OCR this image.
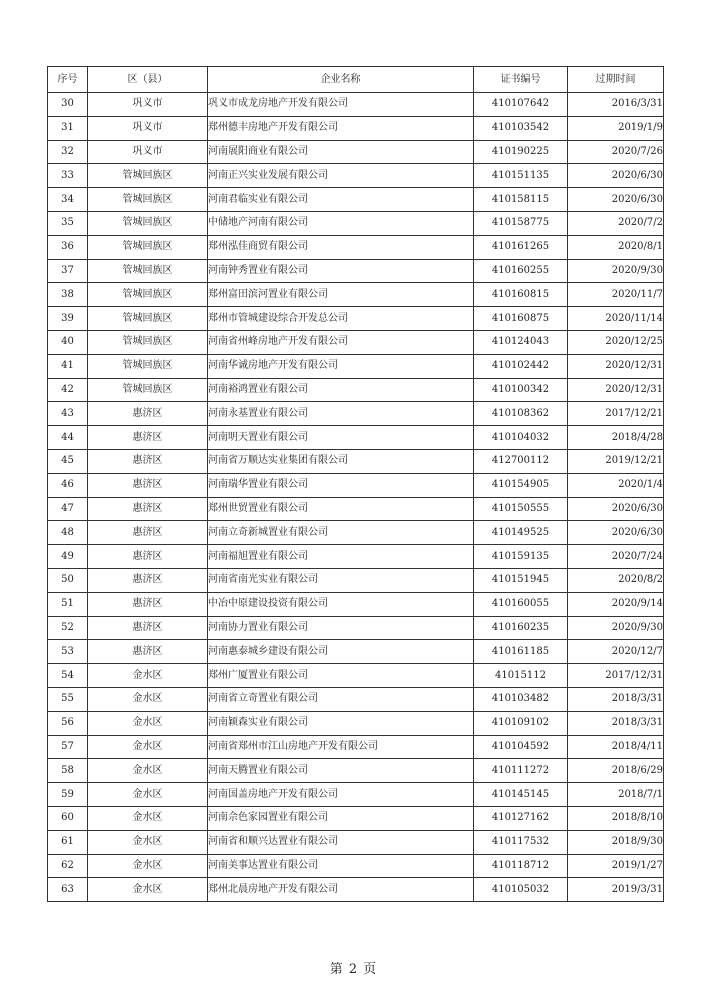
序号	区（县）	企业名称	证书编号	过期时间
30	巩义市	巩义市成龙房地产开发有限公司	410107642	2016/3/31
31	巩义市	郑州德丰房地产开发有限公司	410103542	2019/1/9
32	巩义市	河南展阳商业有限公司	410190225	2020/7/26
33	管城回族区	河南正兴实业发展有限公司	410151135	2020/6/30
34	管城回族区	河南君临实业有限公司	410158115	2020/6/30
35	管城回族区	中储地产河南有限公司	410158775	2020/7/2
36	管城回族区	郑州泓佳商贸有限公司	410161265	2020/8/1
37	管城回族区	河南钟秀置业有限公司	410160255	2020/9/30
38	管城回族区	郑州富田滨河置业有限公司	410160815	2020/11/7
39	管城回族区	郑州市管城建设综合开发总公司	410160875	2020/11/14
40	管城回族区	河南省州峰房地产开发有限公司	410124043	2020/12/25
41	管城回族区	河南华诚房地产开发有限公司	410102442	2020/12/31
42	管城回族区	河南裕鸿置业有限公司	410100342	2020/12/31
43	惠济区	河南永基置业有限公司	410108362	2017/12/21
44	惠济区	河南明天置业有限公司	410104032	2018/4/28
45	惠济区	河南省万顺达实业集团有限公司	412700112	2019/12/21
46	惠济区	河南瑞华置业有限公司	410154905	2020/1/4
47	惠济区	郑州世贸置业有限公司	410150555	2020/6/30
48	惠济区	河南立奇新城置业有限公司	410149525	2020/6/30
49	惠济区	河南福旭置业有限公司	410159135	2020/7/24
50	惠济区	河南省南光实业有限公司	410151945	2020/8/2
51	惠济区	中冶中原建设投资有限公司	410160055	2020/9/14
52	惠济区	河南协力置业有限公司	410160235	2020/9/30
53	惠济区	河南惠泰城乡建设有限公司	410161185	2020/12/7
54	金水区	郑州广厦置业有限公司	41015112	2017/12/31
55	金水区	河南省立奇置业有限公司	410103482	2018/3/31
56	金水区	河南颖森实业有限公司	410109102	2018/3/31
57	金水区	河南省郑州市江山房地产开发有限公司	410104592	2018/4/11
58	金水区	河南天腾置业有限公司	410111272	2018/6/29
59	金水区	河南国盖房地产开发有限公司	410145145	2018/7/1
60	金水区	河南佘色家园置业有限公司	410127162	2018/8/10
61	金水区	河南省和顺兴达置业有限公司	410117532	2018/9/30
62	金水区	河南美事达置业有限公司	410118712	2019/1/27
63	金水区	郑州北晨房地产开发有限公司	410105032	2019/3/31
第 2 页
